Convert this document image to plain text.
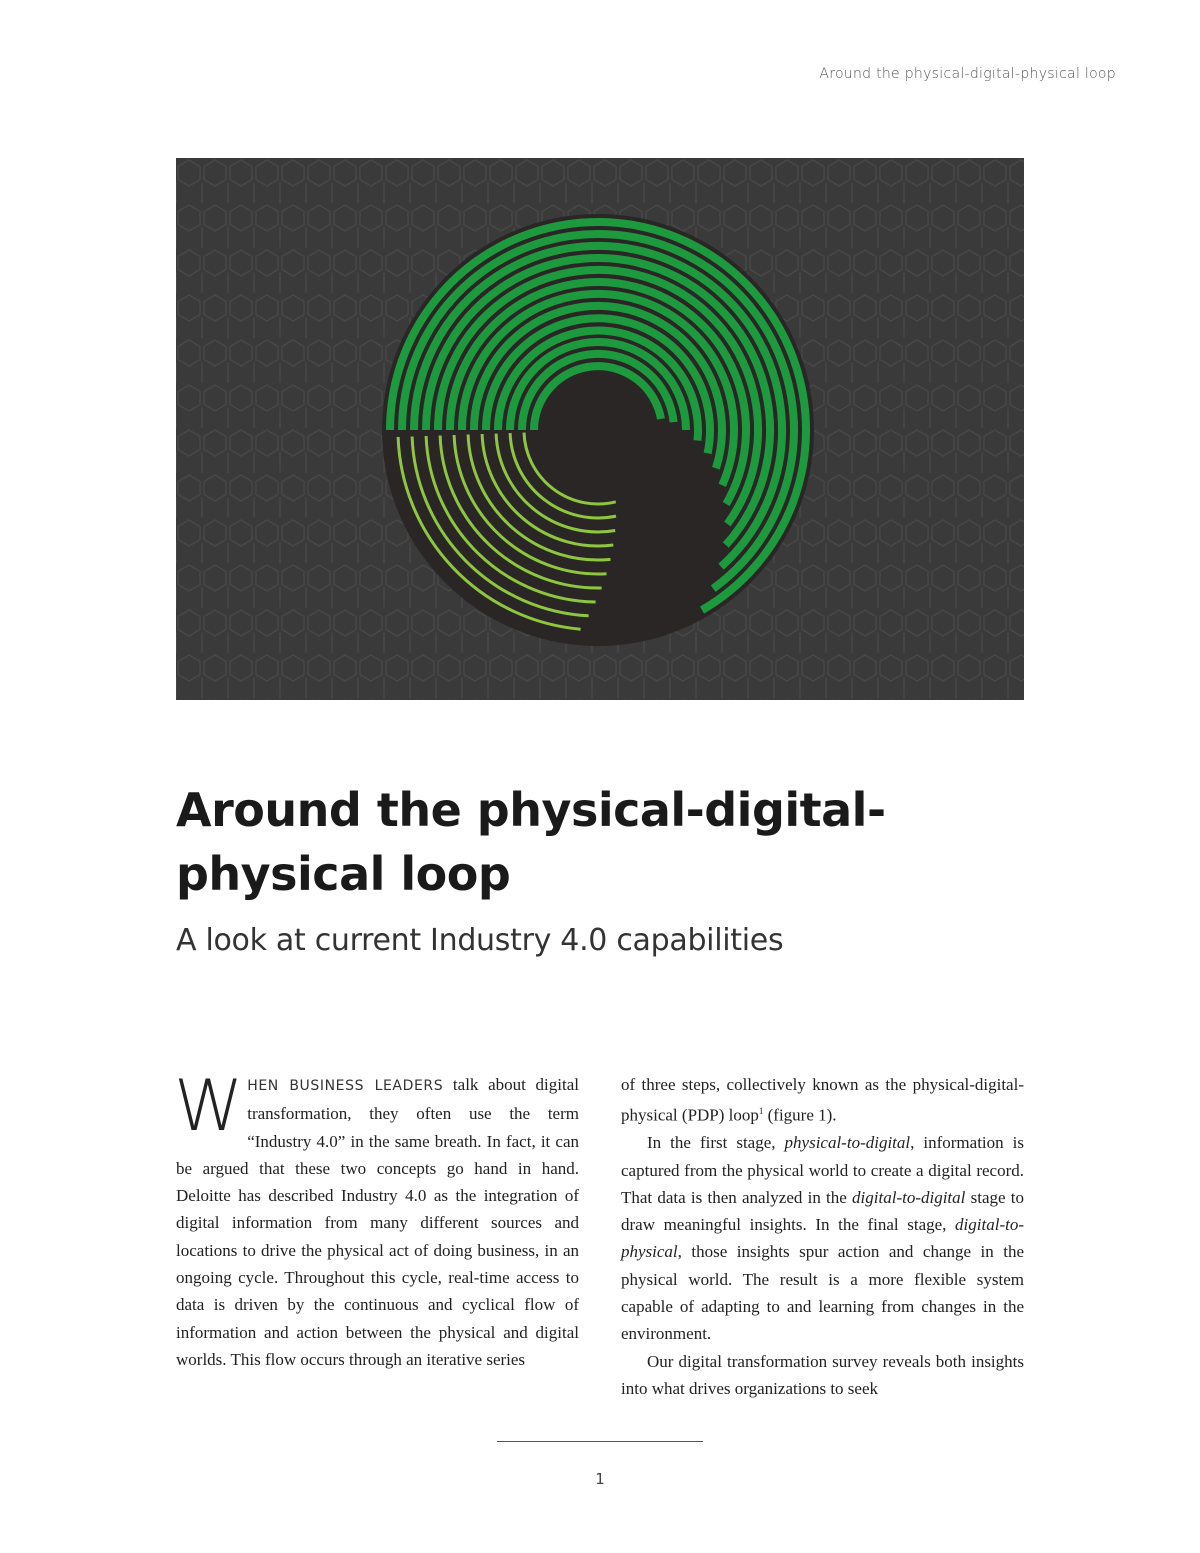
Around the physical-digital-physical loop
Around the physical-digital-physical loop
A look at current Industry 4.0 capabilities

WHEN BUSINESS LEADERS talk about digital transformation, they often use the term “Industry 4.0” in the same breath. In fact, it can be argued that these two concepts go hand in hand. Deloitte has described Industry 4.0 as the integration of digital information from many different sources and locations to drive the physical act of doing business, in an ongoing cycle. Throughout this cycle, real-time access to data is driven by the continuous and cyclical flow of information and action between the physical and digital worlds. This flow occurs through an iterative series

of three steps, collectively known as the physical-digital-physical (PDP) loop$^1$ (figure 1).

In the first stage, physical-to-digital, information is captured from the physical world to create a digital record. That data is then analyzed in the digital-to-digital stage to draw meaningful insights. In the final stage, digital-to-physical, those insights spur action and change in the physical world. The result is a more flexible system capable of adapting to and learning from changes in the environment.

Our digital transformation survey reveals both insights into what drives organizations to seek

1
